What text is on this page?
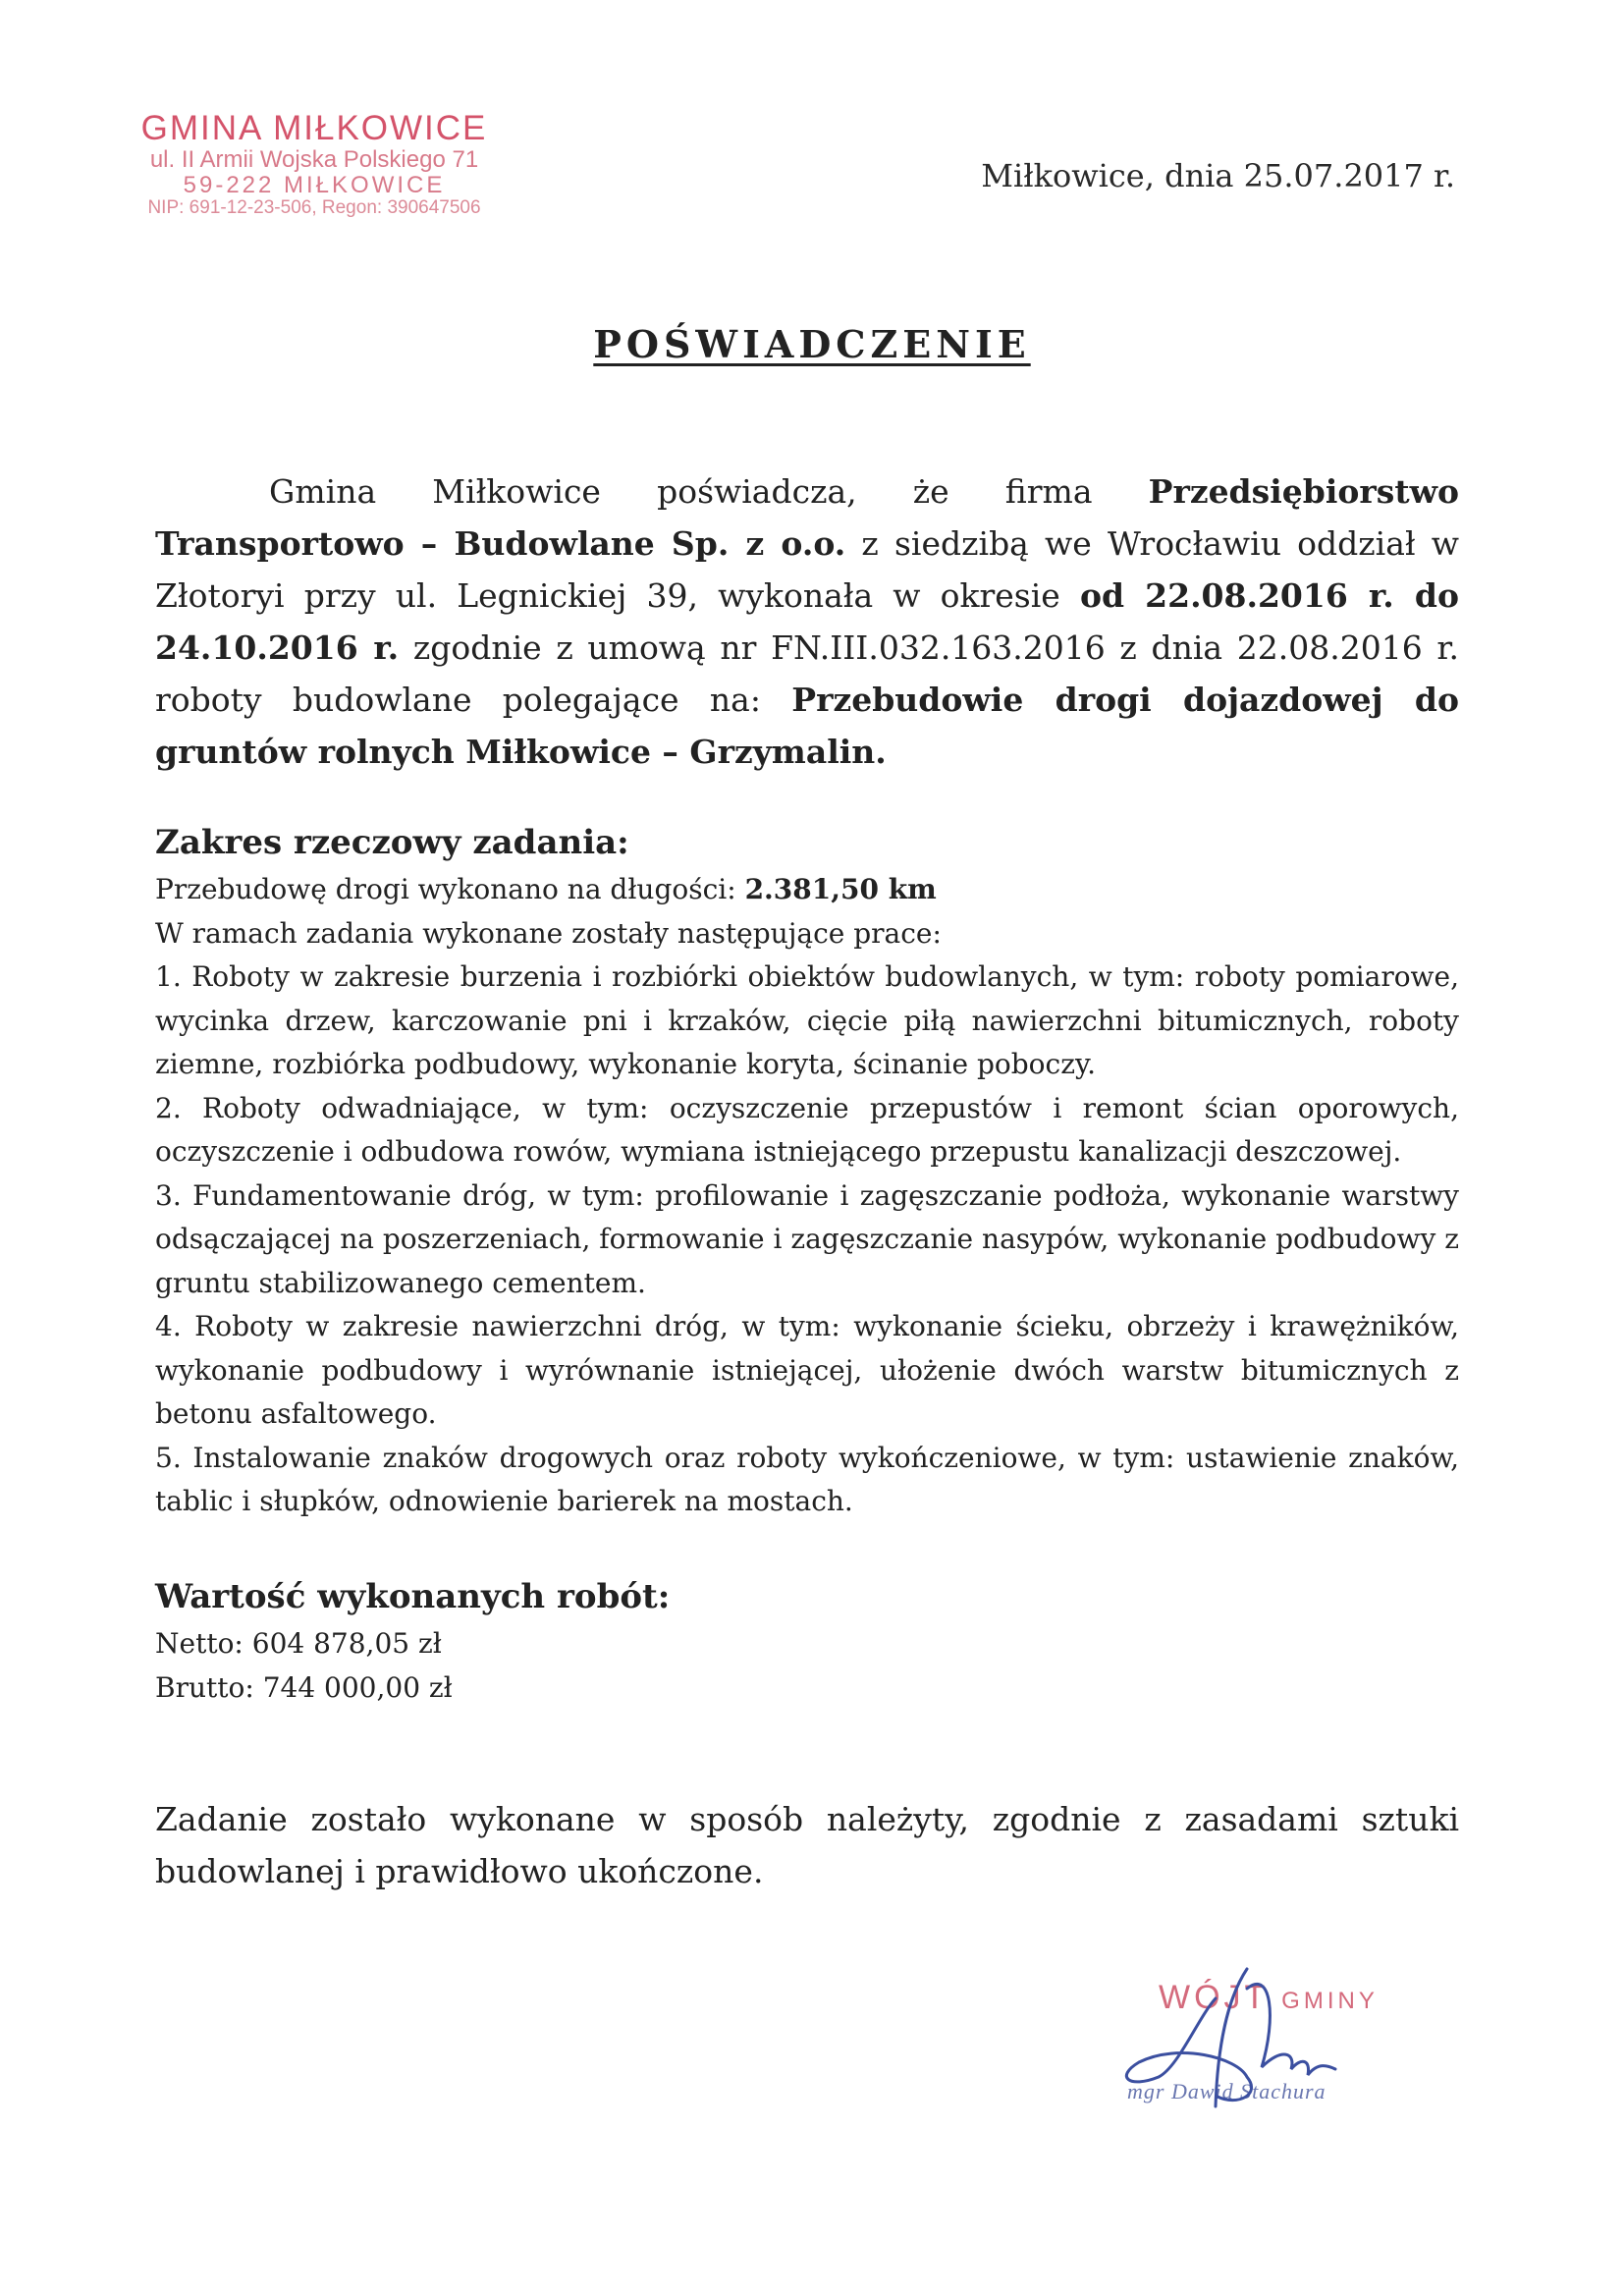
GMINA MIŁKOWICE
ul. II Armii Wojska Polskiego 71
59-222 MIŁKOWICE
NIP: 691-12-23-506, Regon: 390647506
Miłkowice, dnia 25.07.2017 r.
POŚWIADCZENIE
Gmina Miłkowice poświadcza, że firma Przedsiębiorstwo Transportowo – Budowlane Sp. z o.o. z siedzibą we Wrocławiu oddział w Złotoryi przy ul. Legnickiej 39, wykonała w okresie od 22.08.2016 r. do 24.10.2016 r. zgodnie z umową nr FN.III.032.163.2016 z dnia 22.08.2016 r. roboty budowlane polegające na: Przebudowie drogi dojazdowej do gruntów rolnych Miłkowice – Grzymalin.
Zakres rzeczowy zadania:
Przebudowę drogi wykonano na długości: 2.381,50 km
W ramach zadania wykonane zostały następujące prace:
1. Roboty w zakresie burzenia i rozbiórki obiektów budowlanych, w tym: roboty pomiarowe, wycinka drzew, karczowanie pni i krzaków, cięcie piłą nawierzchni bitumicznych, roboty ziemne, rozbiórka podbudowy, wykonanie koryta, ścinanie poboczy.
2. Roboty odwadniające, w tym: oczyszczenie przepustów i remont ścian oporowych, oczyszczenie i odbudowa rowów, wymiana istniejącego przepustu kanalizacji deszczowej.
3. Fundamentowanie dróg, w tym: profilowanie i zagęszczanie podłoża, wykonanie warstwy odsączającej na poszerzeniach, formowanie i zagęszczanie nasypów, wykonanie podbudowy z gruntu stabilizowanego cementem.
4. Roboty w zakresie nawierzchni dróg, w tym: wykonanie ścieku, obrzeży i krawężników, wykonanie podbudowy i wyrównanie istniejącej, ułożenie dwóch warstw bitumicznych z betonu asfaltowego.
5. Instalowanie znaków drogowych oraz roboty wykończeniowe, w tym: ustawienie znaków, tablic i słupków, odnowienie barierek na mostach.
Wartość wykonanych robót:
Netto: 604 878,05 zł
Brutto: 744 000,00 zł
Zadanie zostało wykonane w sposób należyty, zgodnie z zasadami sztuki budowlanej i prawidłowo ukończone.
WÓJT GMINY
mgr Dawid Stachura
